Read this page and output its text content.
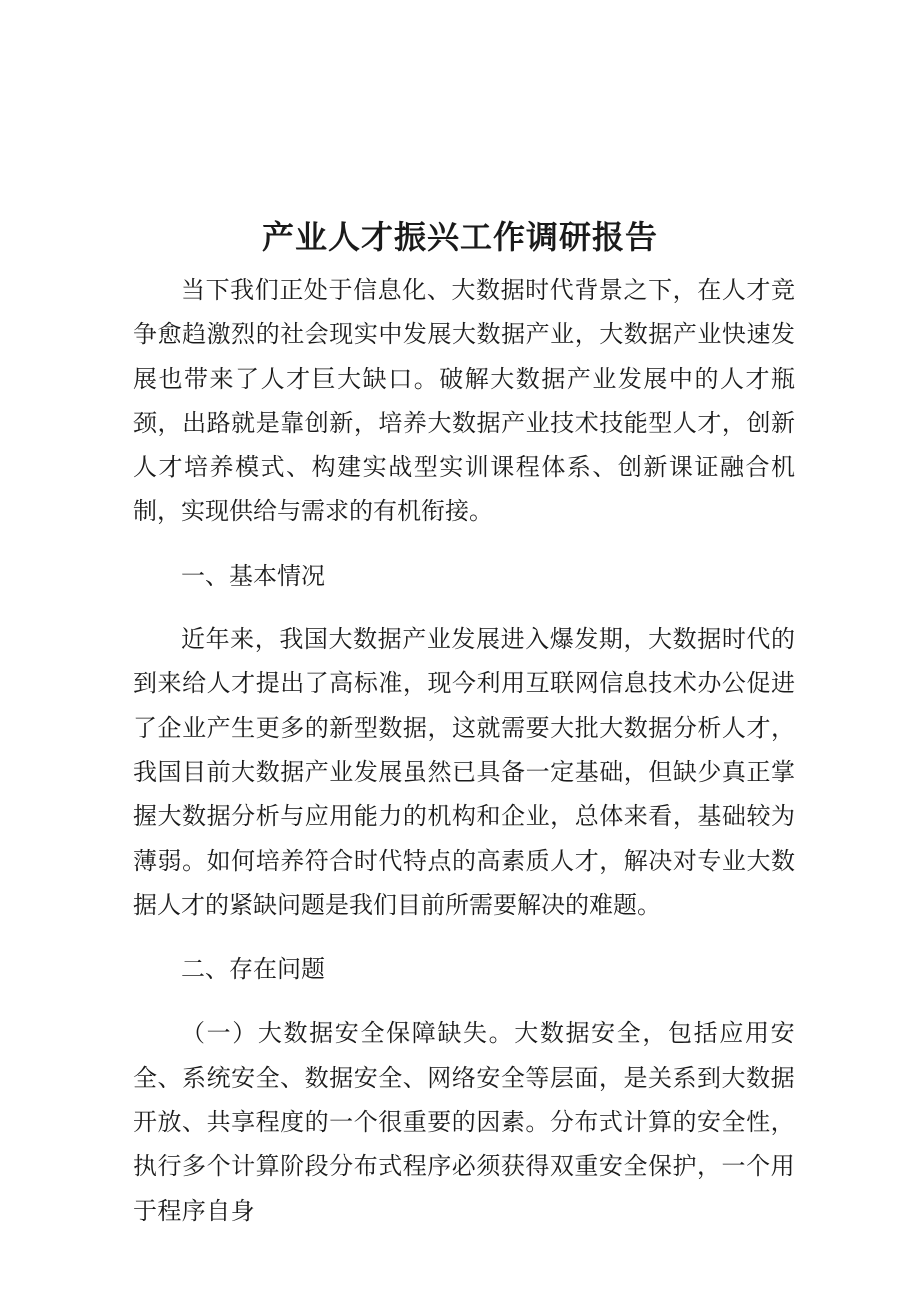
产业人才振兴工作调研报告

当下我们正处于信息化、大数据时代背景之下，在人才竞争愈趋激烈的社会现实中发展大数据产业，大数据产业快速发展也带来了人才巨大缺口。破解大数据产业发展中的人才瓶颈，出路就是靠创新，培养大数据产业技术技能型人才，创新人才培养模式、构建实战型实训课程体系、创新课证融合机制，实现供给与需求的有机衔接。

一、基本情况

近年来，我国大数据产业发展进入爆发期，大数据时代的到来给人才提出了高标准，现今利用互联网信息技术办公促进了企业产生更多的新型数据，这就需要大批大数据分析人才，我国目前大数据产业发展虽然已具备一定基础，但缺少真正掌握大数据分析与应用能力的机构和企业，总体来看，基础较为薄弱。如何培养符合时代特点的高素质人才，解决对专业大数据人才的紧缺问题是我们目前所需要解决的难题。

二、存在问题

（一）大数据安全保障缺失。大数据安全，包括应用安全、系统安全、数据安全、网络安全等层面，是关系到大数据开放、共享程度的一个很重要的因素。分布式计算的安全性，执行多个计算阶段分布式程序必须获得双重安全保护，一个用于程序自身
